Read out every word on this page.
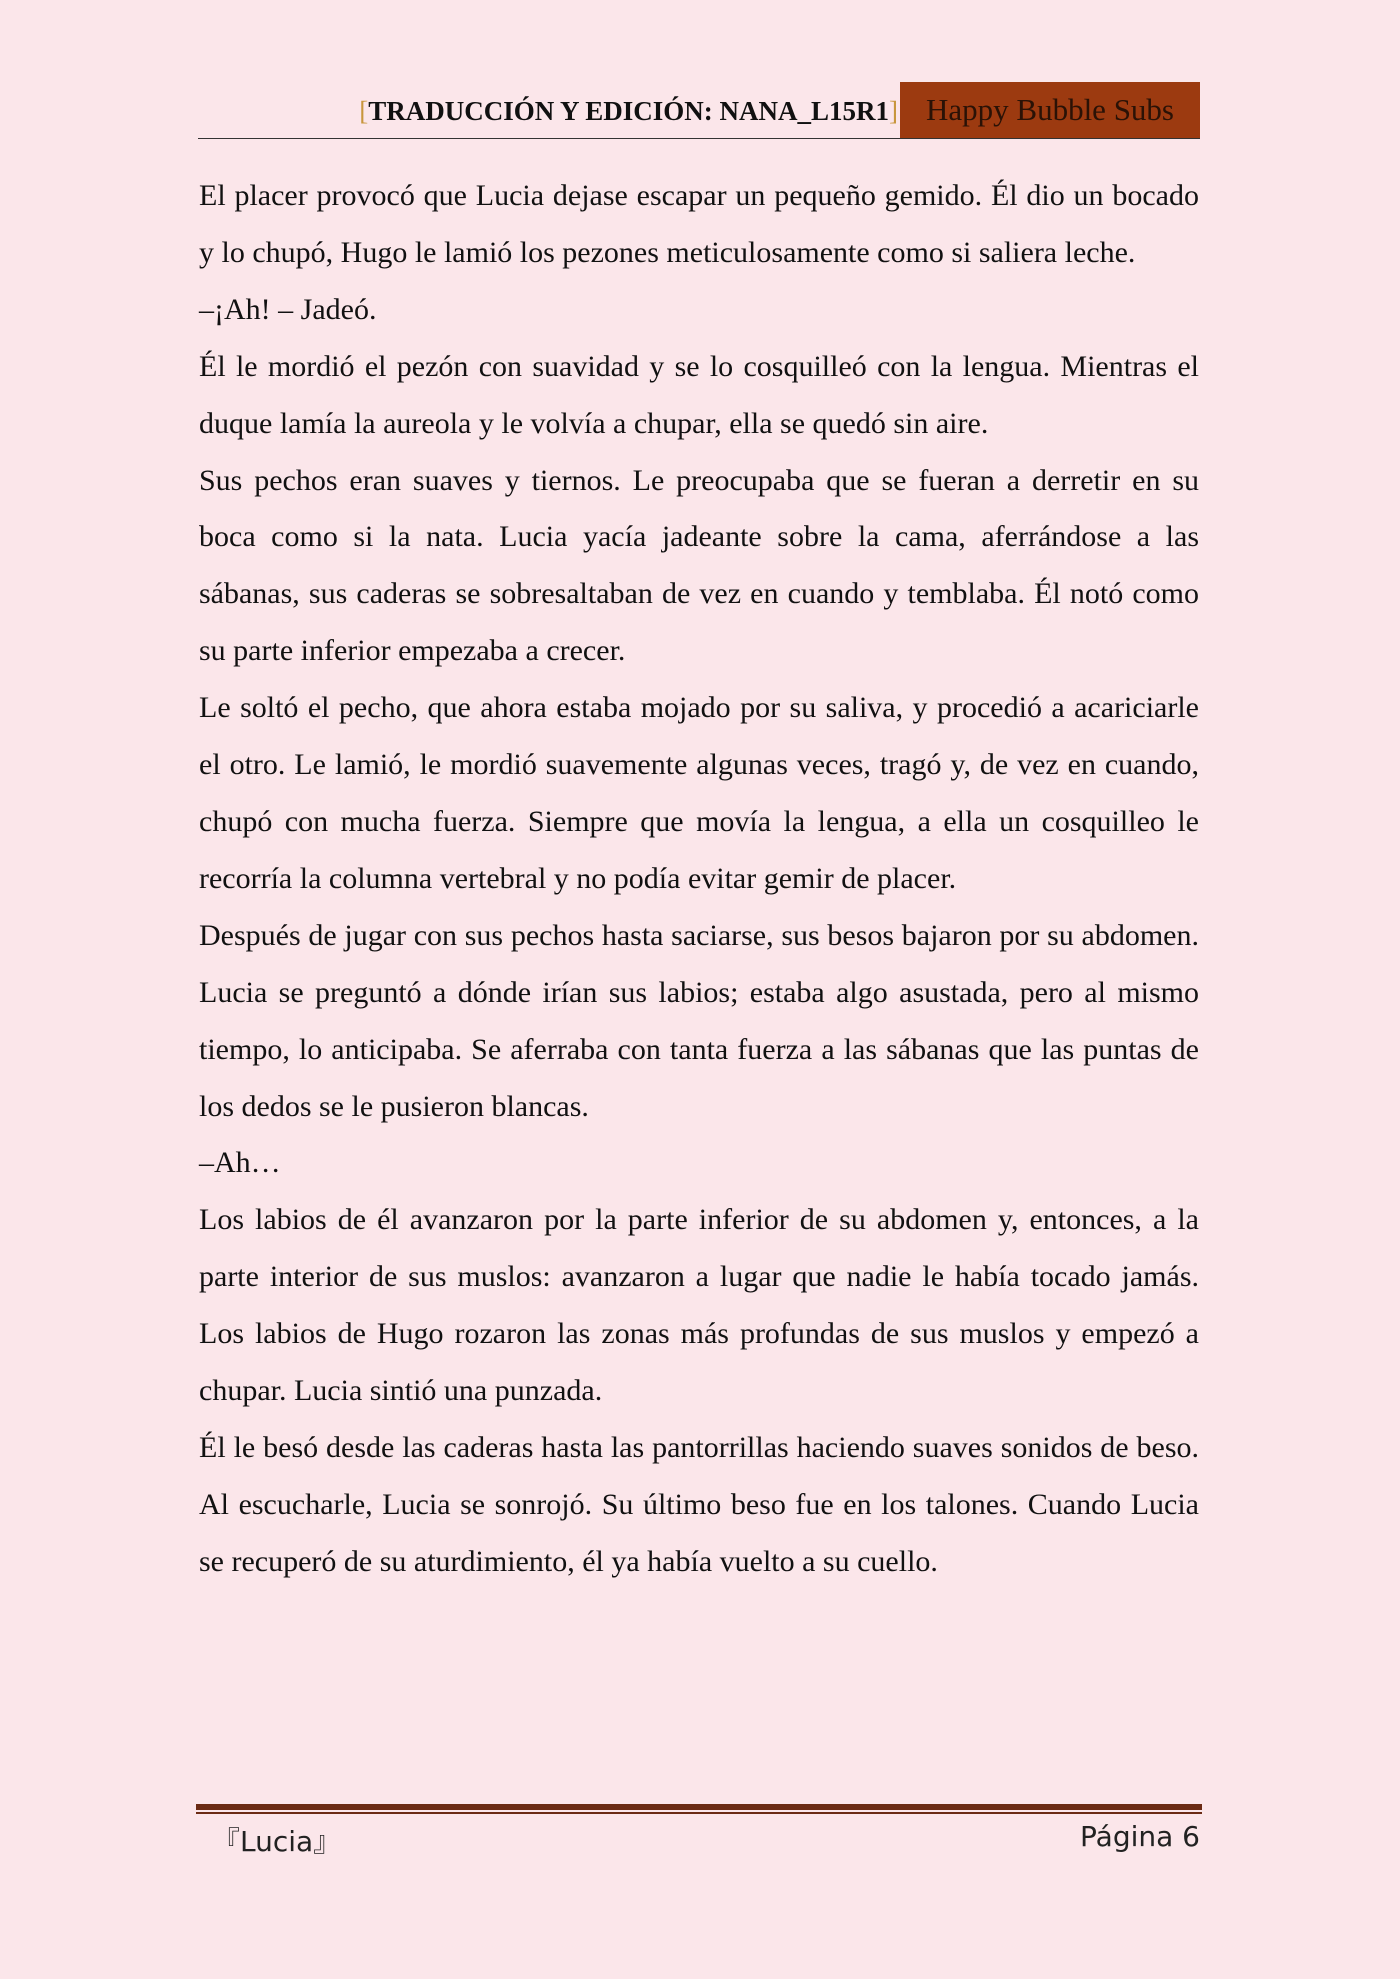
[TRADUCCIÓN Y EDICIÓN: NANA_L15R1] Happy Bubble Subs

El placer provocó que Lucia dejase escapar un pequeño gemido. Él dio un bocado y lo chupó, Hugo le lamió los pezones meticulosamente como si saliera leche.

–¡Ah! – Jadeó.

Él le mordió el pezón con suavidad y se lo cosquilleó con la lengua. Mientras el duque lamía la aureola y le volvía a chupar, ella se quedó sin aire.

Sus pechos eran suaves y tiernos. Le preocupaba que se fueran a derretir en su boca como si la nata. Lucia yacía jadeante sobre la cama, aferrándose a las sábanas, sus caderas se sobresaltaban de vez en cuando y temblaba. Él notó como su parte inferior empezaba a crecer.

Le soltó el pecho, que ahora estaba mojado por su saliva, y procedió a acariciarle el otro. Le lamió, le mordió suavemente algunas veces, tragó y, de vez en cuando, chupó con mucha fuerza. Siempre que movía la lengua, a ella un cosquilleo le recorría la columna vertebral y no podía evitar gemir de placer.

Después de jugar con sus pechos hasta saciarse, sus besos bajaron por su abdomen. Lucia se preguntó a dónde irían sus labios; estaba algo asustada, pero al mismo tiempo, lo anticipaba. Se aferraba con tanta fuerza a las sábanas que las puntas de los dedos se le pusieron blancas.

–Ah…

Los labios de él avanzaron por la parte inferior de su abdomen y, entonces, a la parte interior de sus muslos: avanzaron a lugar que nadie le había tocado jamás. Los labios de Hugo rozaron las zonas más profundas de sus muslos y empezó a chupar. Lucia sintió una punzada.

Él le besó desde las caderas hasta las pantorrillas haciendo suaves sonidos de beso. Al escucharle, Lucia se sonrojó. Su último beso fue en los talones. Cuando Lucia se recuperó de su aturdimiento, él ya había vuelto a su cuello.

『Lucia』	Página 6
